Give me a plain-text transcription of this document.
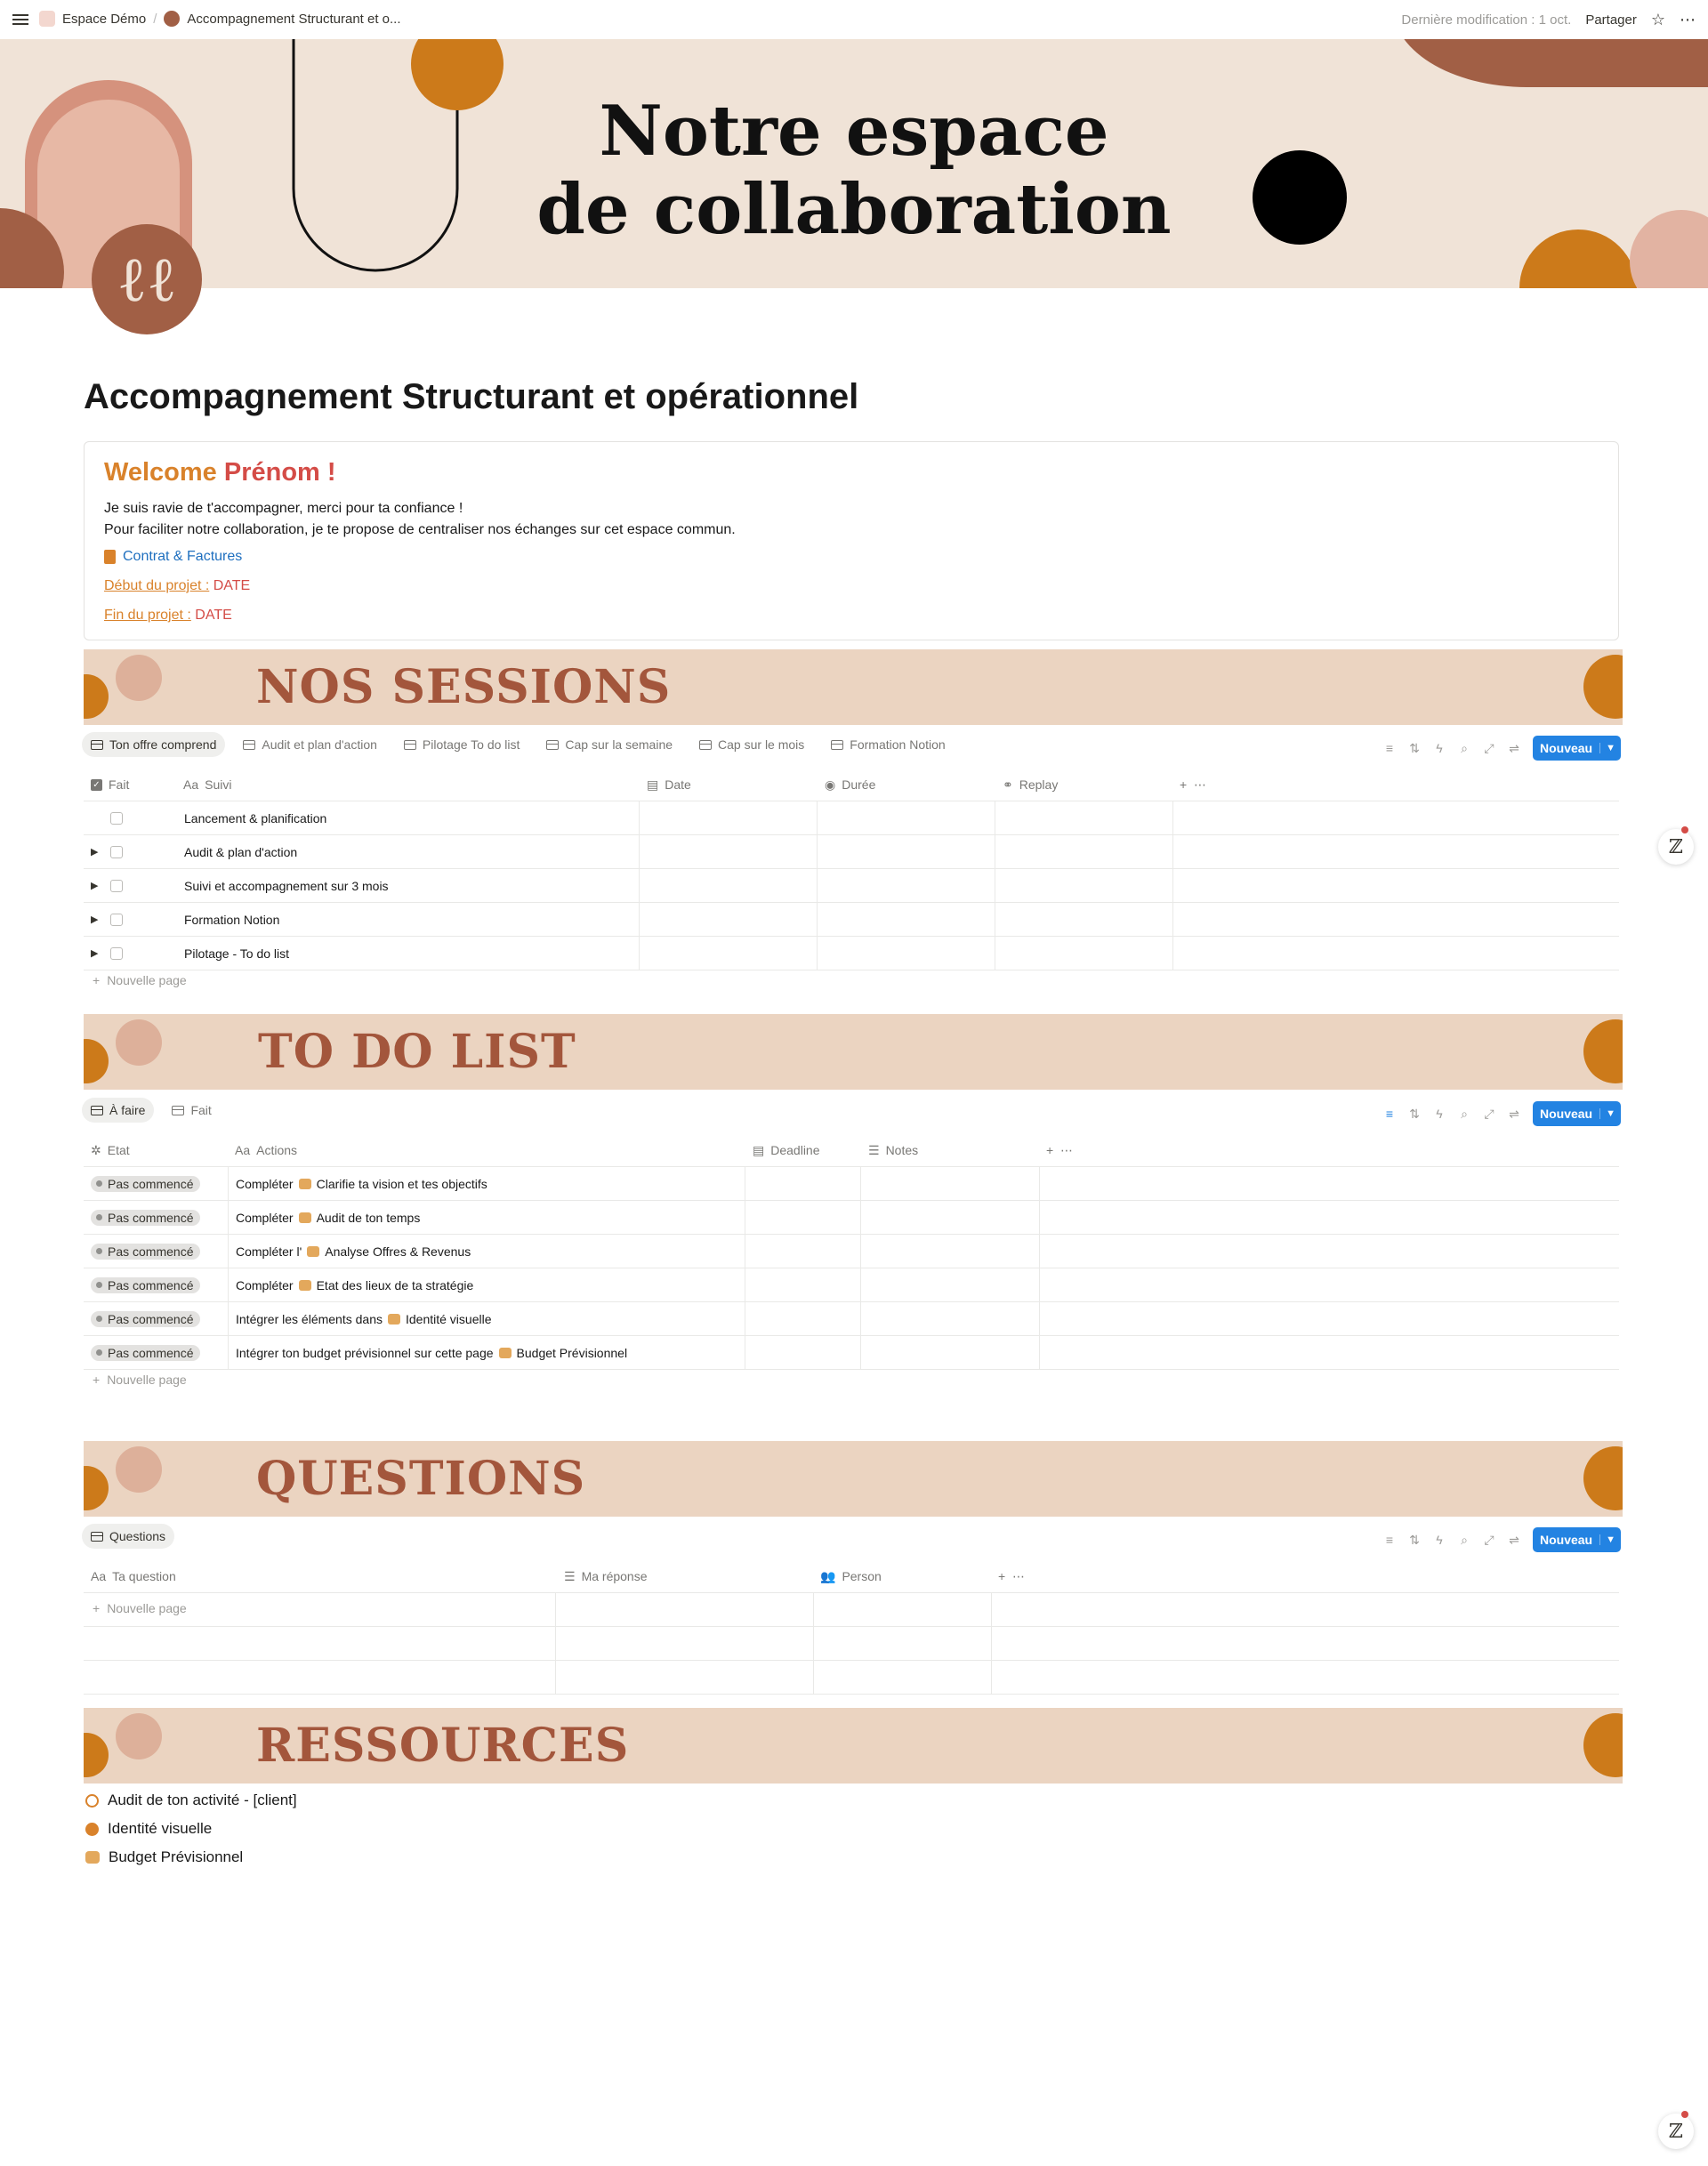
Espace Démo / Accompagnement Structurant et o...	Dernière modification : 1 oct. Partager ☆ ⋯
Notre espace
de collaboration
ℓℓ
Accompagnement Structurant et opérationnel
Welcome Prénom !
Je suis ravie de t'accompagner, merci pour ta confiance !
Pour faciliter notre collaboration, je te propose de centraliser nos échanges sur cet espace commun.
Contrat & Factures
Début du projet : DATE
Fin du projet : DATE
NOS SESSIONS
Ton offre comprend	Audit et plan d'action	Pilotage To do list	Cap sur la semaine	Cap sur le mois	Formation Notion	≡ ⇅ ϟ ⌕ ⤢ ⇌	Nouveau	▼
✓ Fait	Aa Suivi	▤ Date	◉ Durée	⚭ Replay	+  ⋯
Lancement & planification
▶	Audit & plan d'action
▶	Suivi et accompagnement sur 3 mois
▶	Formation Notion
▶	Pilotage - To do list
+ Nouvelle page
TO DO LIST
À faire	Fait	≡ ⇅ ϟ ⌕ ⤢ ⇌	Nouveau	▼
✲ Etat	Aa Actions	▤ Deadline	☰ Notes	+  ⋯
Pas commencé	Compléter Clarifie ta vision et tes objectifs
Pas commencé	Compléter Audit de ton temps
Pas commencé	Compléter l' Analyse Offres & Revenus
Pas commencé	Compléter Etat des lieux de ta stratégie
Pas commencé	Intégrer les éléments dans Identité visuelle
Pas commencé	Intégrer ton budget prévisionnel sur cette page Budget Prévisionnel
+ Nouvelle page
QUESTIONS
Questions	≡ ⇅ ϟ ⌕ ⤢ ⇌	Nouveau	▼
Aa Ta question	☰ Ma réponse	👥 Person	+  ⋯
+ Nouvelle page
RESSOURCES
Audit de ton activité - [client]
Identité visuelle
Budget Prévisionnel
ℤ
ℤ
